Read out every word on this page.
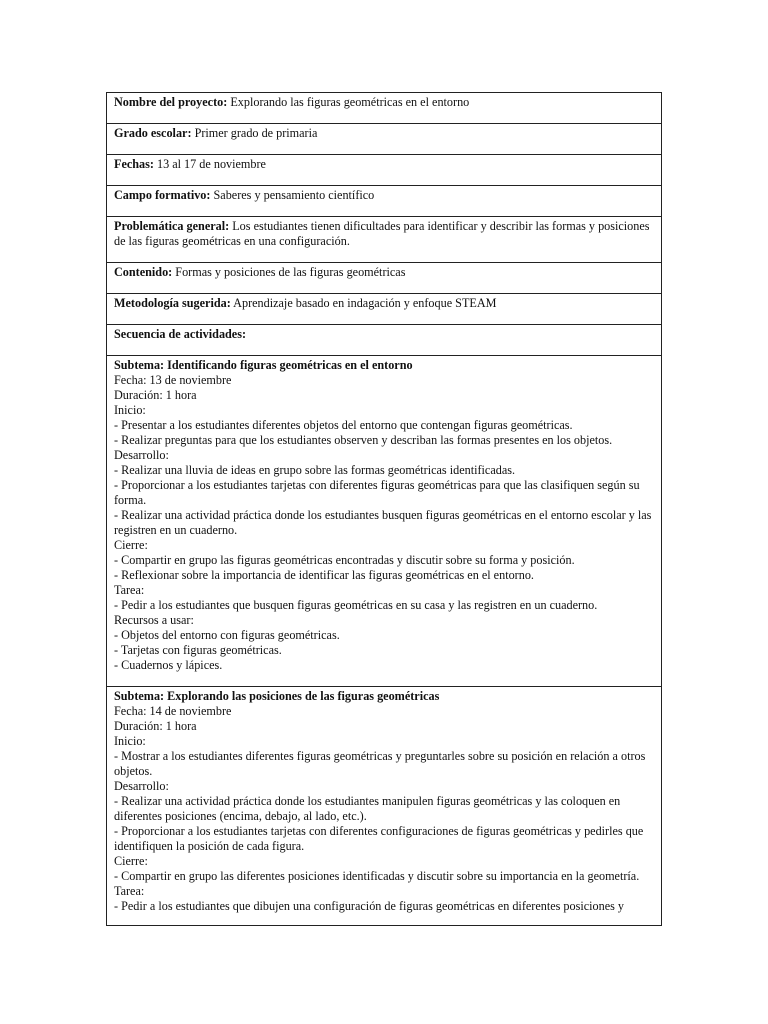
Nombre del proyecto: Explorando las figuras geométricas en el entorno
Grado escolar: Primer grado de primaria
Fechas: 13 al 17 de noviembre
Campo formativo: Saberes y pensamiento científico
Problemática general: Los estudiantes tienen dificultades para identificar y describir las formas y posiciones de las figuras geométricas en una configuración.
Contenido: Formas y posiciones de las figuras geométricas
Metodología sugerida: Aprendizaje basado en indagación y enfoque STEAM
Secuencia de actividades:
Subtema: Identificando figuras geométricas en el entorno
Fecha: 13 de noviembre
Duración: 1 hora
Inicio:
- Presentar a los estudiantes diferentes objetos del entorno que contengan figuras geométricas.
- Realizar preguntas para que los estudiantes observen y describan las formas presentes en los objetos.
Desarrollo:
- Realizar una lluvia de ideas en grupo sobre las formas geométricas identificadas.
- Proporcionar a los estudiantes tarjetas con diferentes figuras geométricas para que las clasifiquen según su forma.
- Realizar una actividad práctica donde los estudiantes busquen figuras geométricas en el entorno escolar y las registren en un cuaderno.
Cierre:
- Compartir en grupo las figuras geométricas encontradas y discutir sobre su forma y posición.
- Reflexionar sobre la importancia de identificar las figuras geométricas en el entorno.
Tarea:
- Pedir a los estudiantes que busquen figuras geométricas en su casa y las registren en un cuaderno.
Recursos a usar:
- Objetos del entorno con figuras geométricas.
- Tarjetas con figuras geométricas.
- Cuadernos y lápices.
Subtema: Explorando las posiciones de las figuras geométricas
Fecha: 14 de noviembre
Duración: 1 hora
Inicio:
- Mostrar a los estudiantes diferentes figuras geométricas y preguntarles sobre su posición en relación a otros objetos.
Desarrollo:
- Realizar una actividad práctica donde los estudiantes manipulen figuras geométricas y las coloquen en diferentes posiciones (encima, debajo, al lado, etc.).
- Proporcionar a los estudiantes tarjetas con diferentes configuraciones de figuras geométricas y pedirles que identifiquen la posición de cada figura.
Cierre:
- Compartir en grupo las diferentes posiciones identificadas y discutir sobre su importancia en la geometría.
Tarea:
- Pedir a los estudiantes que dibujen una configuración de figuras geométricas en diferentes posiciones y
